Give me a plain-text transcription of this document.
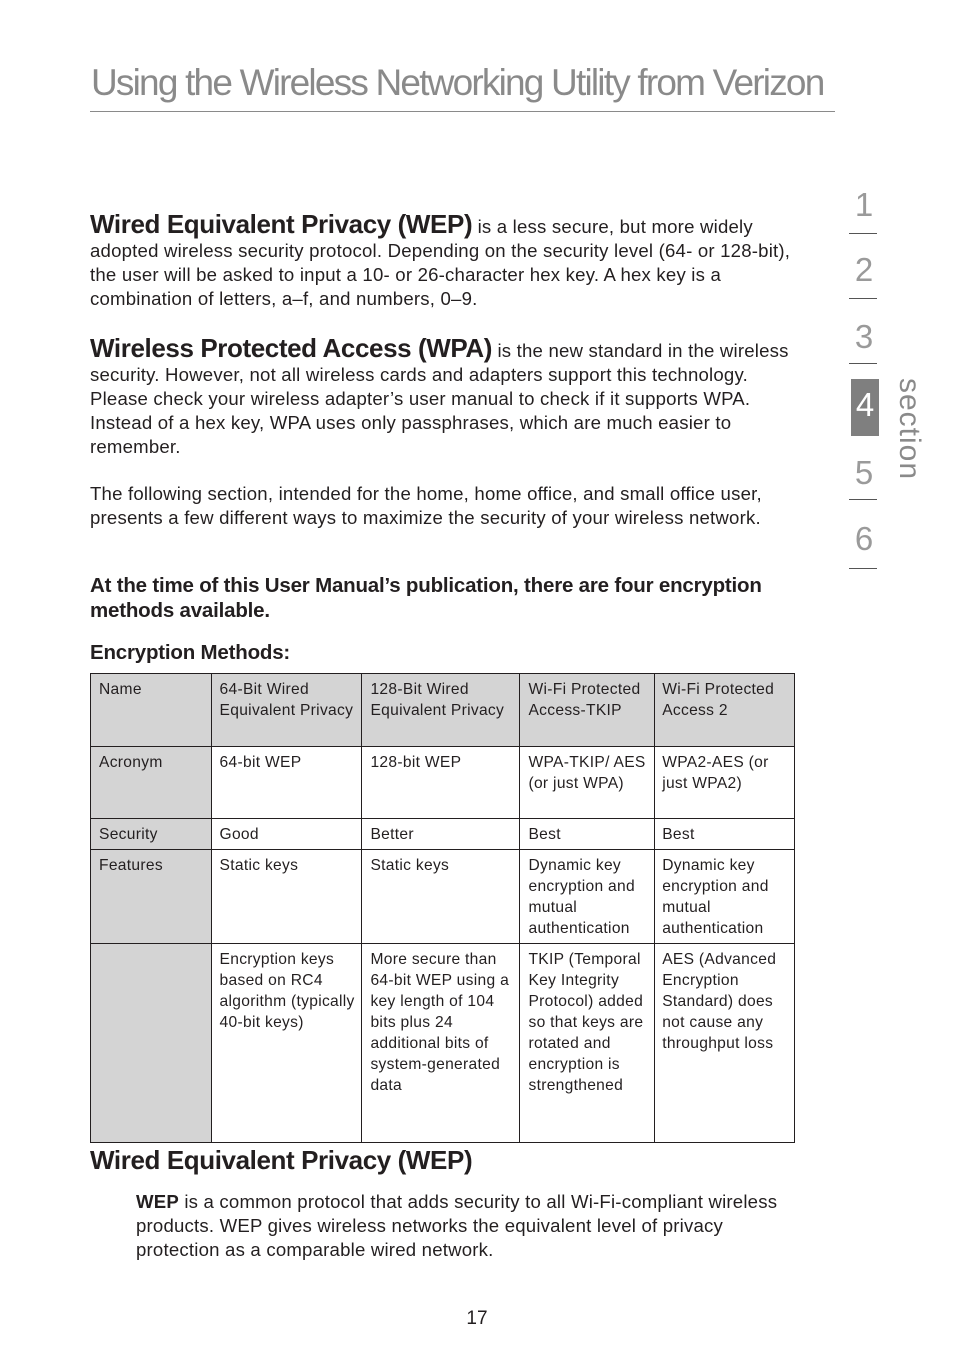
Using the Wireless Networking Utility from Verizon
1
2
3
4
5
6
section

Wired Equivalent Privacy (WEP) is a less secure, but more widely adopted wireless security protocol. Depending on the security level (64- or 128-bit), the user will be asked to input a 10- or 26-character hex key. A hex key is a combination of letters, a–f, and numbers, 0–9.

Wireless Protected Access (WPA) is the new standard in the wireless security. However, not all wireless cards and adapters support this technology. Please check your wireless adapter’s user manual to check if it supports WPA. Instead of a hex key, WPA uses only passphrases, which are much easier to remember.

The following section, intended for the home, home office, and small office user, presents a few different ways to maximize the security of your wireless network.

At the time of this User Manual’s publication, there are four encryption methods available.

Encryption Methods:

Name	64-Bit Wired Equivalent Privacy	128-Bit Wired Equivalent Privacy	Wi-Fi Protected Access-TKIP	Wi-Fi Protected Access 2
Acronym	64-bit WEP	128-bit WEP	WPA-TKIP/ AES (or just WPA)	WPA2-AES (or just WPA2)
Security	Good	Better	Best	Best
Features	Static keys	Static keys	Dynamic key encryption and mutual authentication	Dynamic key encryption and mutual authentication
	Encryption keys based on RC4 algorithm (typically 40-bit keys)	More secure than 64-bit WEP using a key length of 104 bits plus 24 additional bits of system-generated data	TKIP (Temporal Key Integrity Protocol) added so that keys are rotated and encryption is strengthened	AES (Advanced Encryption Standard) does not cause any throughput loss
Wired Equivalent Privacy (WEP)

WEP is a common protocol that adds security to all Wi-Fi-compliant wireless products. WEP gives wireless networks the equivalent level of privacy protection as a comparable wired network.

17
